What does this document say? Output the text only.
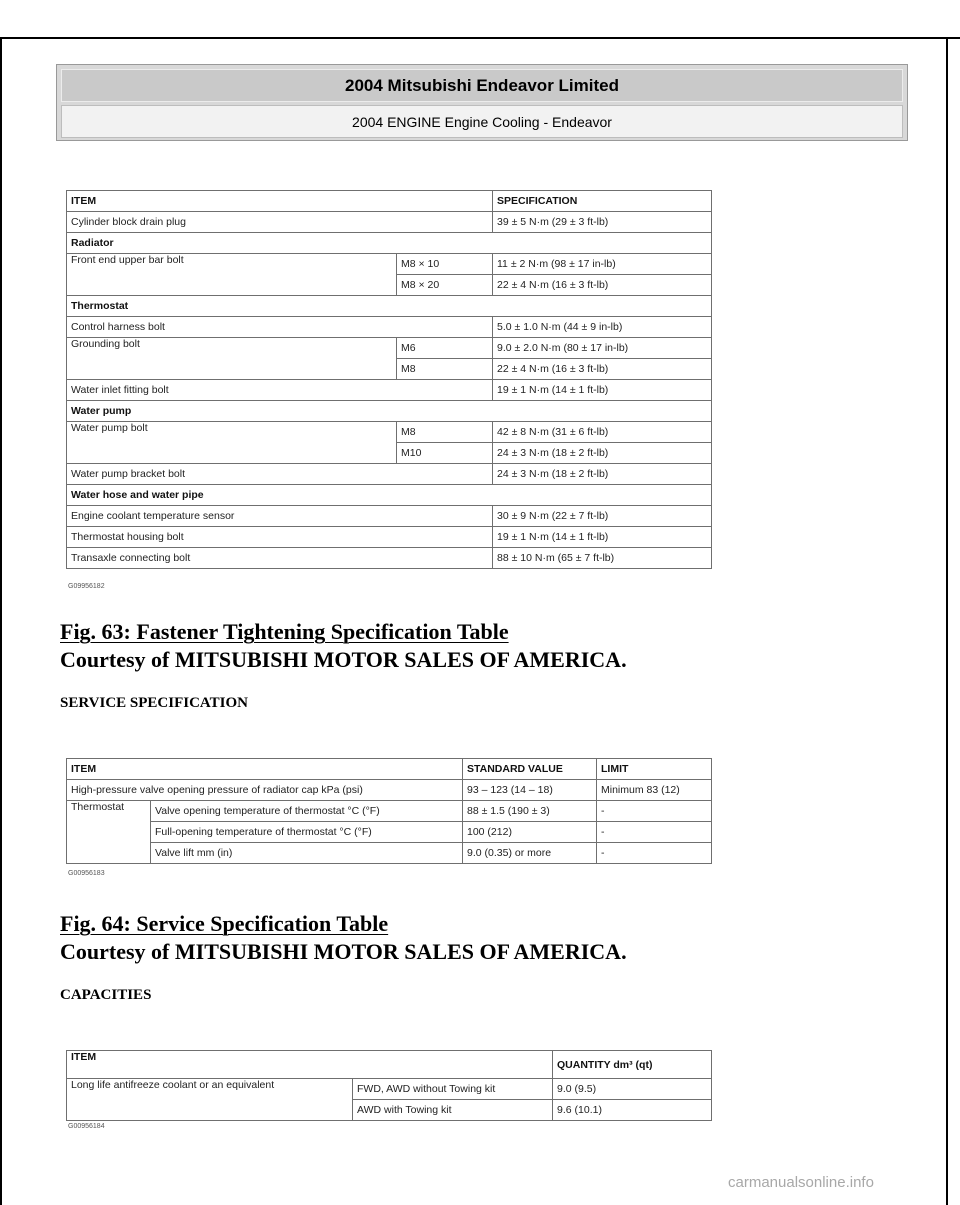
2004 Mitsubishi Endeavor Limited
2004 ENGINE Engine Cooling - Endeavor
ITEM		SPECIFICATION
Cylinder block drain plug		39 ± 5 N·m (29 ± 3 ft-lb)
Radiator		
Front end upper bar bolt	M8 × 10	11 ± 2 N·m (98 ± 17 in-lb)
	M8 × 20	22 ± 4 N·m (16 ± 3 ft-lb)
Thermostat		
Control harness bolt		5.0 ± 1.0 N·m (44 ± 9 in-lb)
Grounding bolt	M6	9.0 ± 2.0 N·m (80 ± 17 in-lb)
	M8	22 ± 4 N·m (16 ± 3 ft-lb)
Water inlet fitting bolt		19 ± 1 N·m (14 ± 1 ft-lb)
Water pump		
Water pump bolt	M8	42 ± 8 N·m (31 ± 6 ft-lb)
	M10	24 ± 3 N·m (18 ± 2 ft-lb)
Water pump bracket bolt		24 ± 3 N·m (18 ± 2 ft-lb)
Water hose and water pipe		
Engine coolant temperature sensor		30 ± 9 N·m (22 ± 7 ft-lb)
Thermostat housing bolt		19 ± 1 N·m (14 ± 1 ft-lb)
Transaxle connecting bolt		88 ± 10 N·m (65 ± 7 ft-lb)
G09956182
Fig. 63: Fastener Tightening Specification Table
Courtesy of MITSUBISHI MOTOR SALES OF AMERICA.
SERVICE SPECIFICATION
ITEM		STANDARD VALUE	LIMIT
High-pressure valve opening pressure of radiator cap kPa (psi)		93 – 123 (14 – 18)	Minimum 83 (12)
Thermostat	Valve opening temperature of thermostat °C (°F)	88 ± 1.5 (190 ± 3)	-
	Full-opening temperature of thermostat °C (°F)	100 (212)	-
	Valve lift mm (in)	9.0 (0.35) or more	-
G00956183
Fig. 64: Service Specification Table
Courtesy of MITSUBISHI MOTOR SALES OF AMERICA.
CAPACITIES
ITEM		QUANTITY dm³ (qt)
Long life antifreeze coolant or an equivalent	FWD, AWD without Towing kit	9.0 (9.5)
	AWD with Towing kit	9.6 (10.1)
G00956184
carmanualsonline.info
